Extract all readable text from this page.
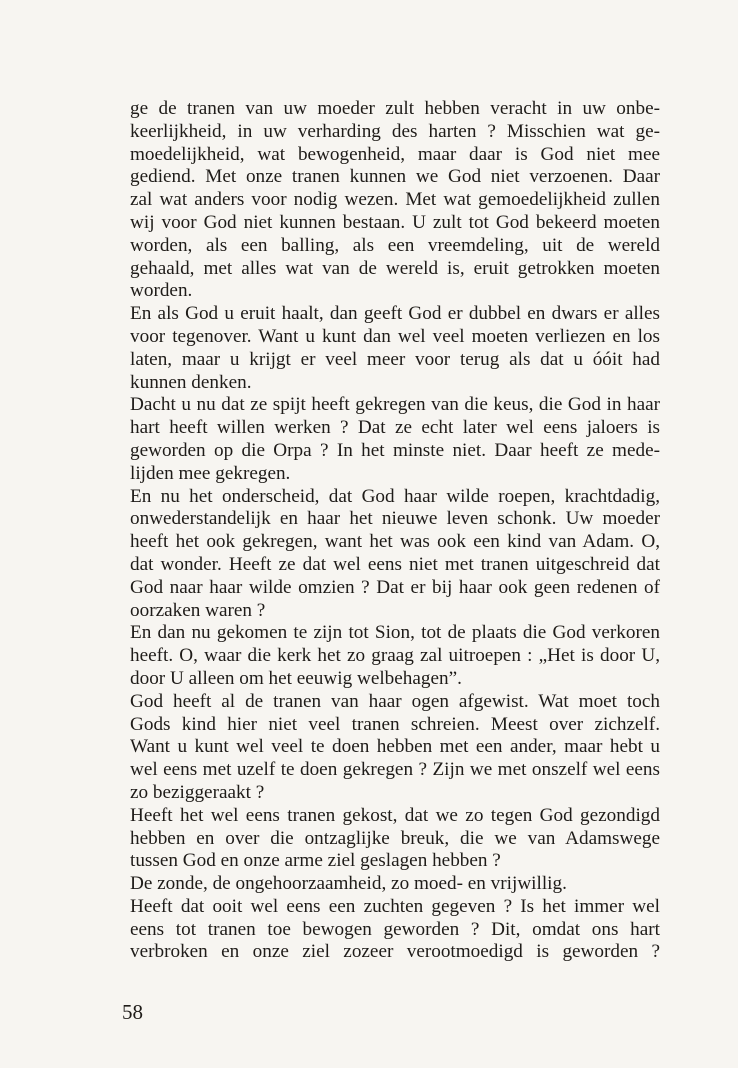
ge de tranen van uw moeder zult hebben veracht in uw onbe-
keerlijkheid, in uw verharding des harten ? Misschien wat ge-
moedelijkheid, wat bewogenheid, maar daar is God niet mee
gediend. Met onze tranen kunnen we God niet verzoenen. Daar
zal wat anders voor nodig wezen. Met wat gemoedelijkheid zullen
wij voor God niet kunnen bestaan. U zult tot God bekeerd moeten
worden, als een balling, als een vreemdeling, uit de wereld
gehaald, met alles wat van de wereld is, eruit getrokken moeten
worden.
En als God u eruit haalt, dan geeft God er dubbel en dwars er alles
voor tegenover. Want u kunt dan wel veel moeten verliezen en los
laten, maar u krijgt er veel meer voor terug als dat u óóit had
kunnen denken.
Dacht u nu dat ze spijt heeft gekregen van die keus, die God in haar
hart heeft willen werken ? Dat ze echt later wel eens jaloers is
geworden op die Orpa ? In het minste niet. Daar heeft ze mede-
lijden mee gekregen.
En nu het onderscheid, dat God haar wilde roepen, krachtdadig,
onwederstandelijk en haar het nieuwe leven schonk. Uw moeder
heeft het ook gekregen, want het was ook een kind van Adam. O,
dat wonder. Heeft ze dat wel eens niet met tranen uitgeschreid dat
God naar haar wilde omzien ? Dat er bij haar ook geen redenen of
oorzaken waren ?
En dan nu gekomen te zijn tot Sion, tot de plaats die God verkoren
heeft. O, waar die kerk het zo graag zal uitroepen : „Het is door U,
door U alleen om het eeuwig welbehagen”.
God heeft al de tranen van haar ogen afgewist. Wat moet toch
Gods kind hier niet veel tranen schreien. Meest over zichzelf.
Want u kunt wel veel te doen hebben met een ander, maar hebt u
wel eens met uzelf te doen gekregen ? Zijn we met onszelf wel eens
zo beziggeraakt ?
Heeft het wel eens tranen gekost, dat we zo tegen God gezondigd
hebben en over die ontzaglijke breuk, die we van Adamswege
tussen God en onze arme ziel geslagen hebben ?
De zonde, de ongehoorzaamheid, zo moed- en vrijwillig.
Heeft dat ooit wel eens een zuchten gegeven ? Is het immer wel
eens tot tranen toe bewogen geworden ? Dit, omdat ons hart
verbroken en onze ziel zozeer verootmoedigd is geworden ?
58
